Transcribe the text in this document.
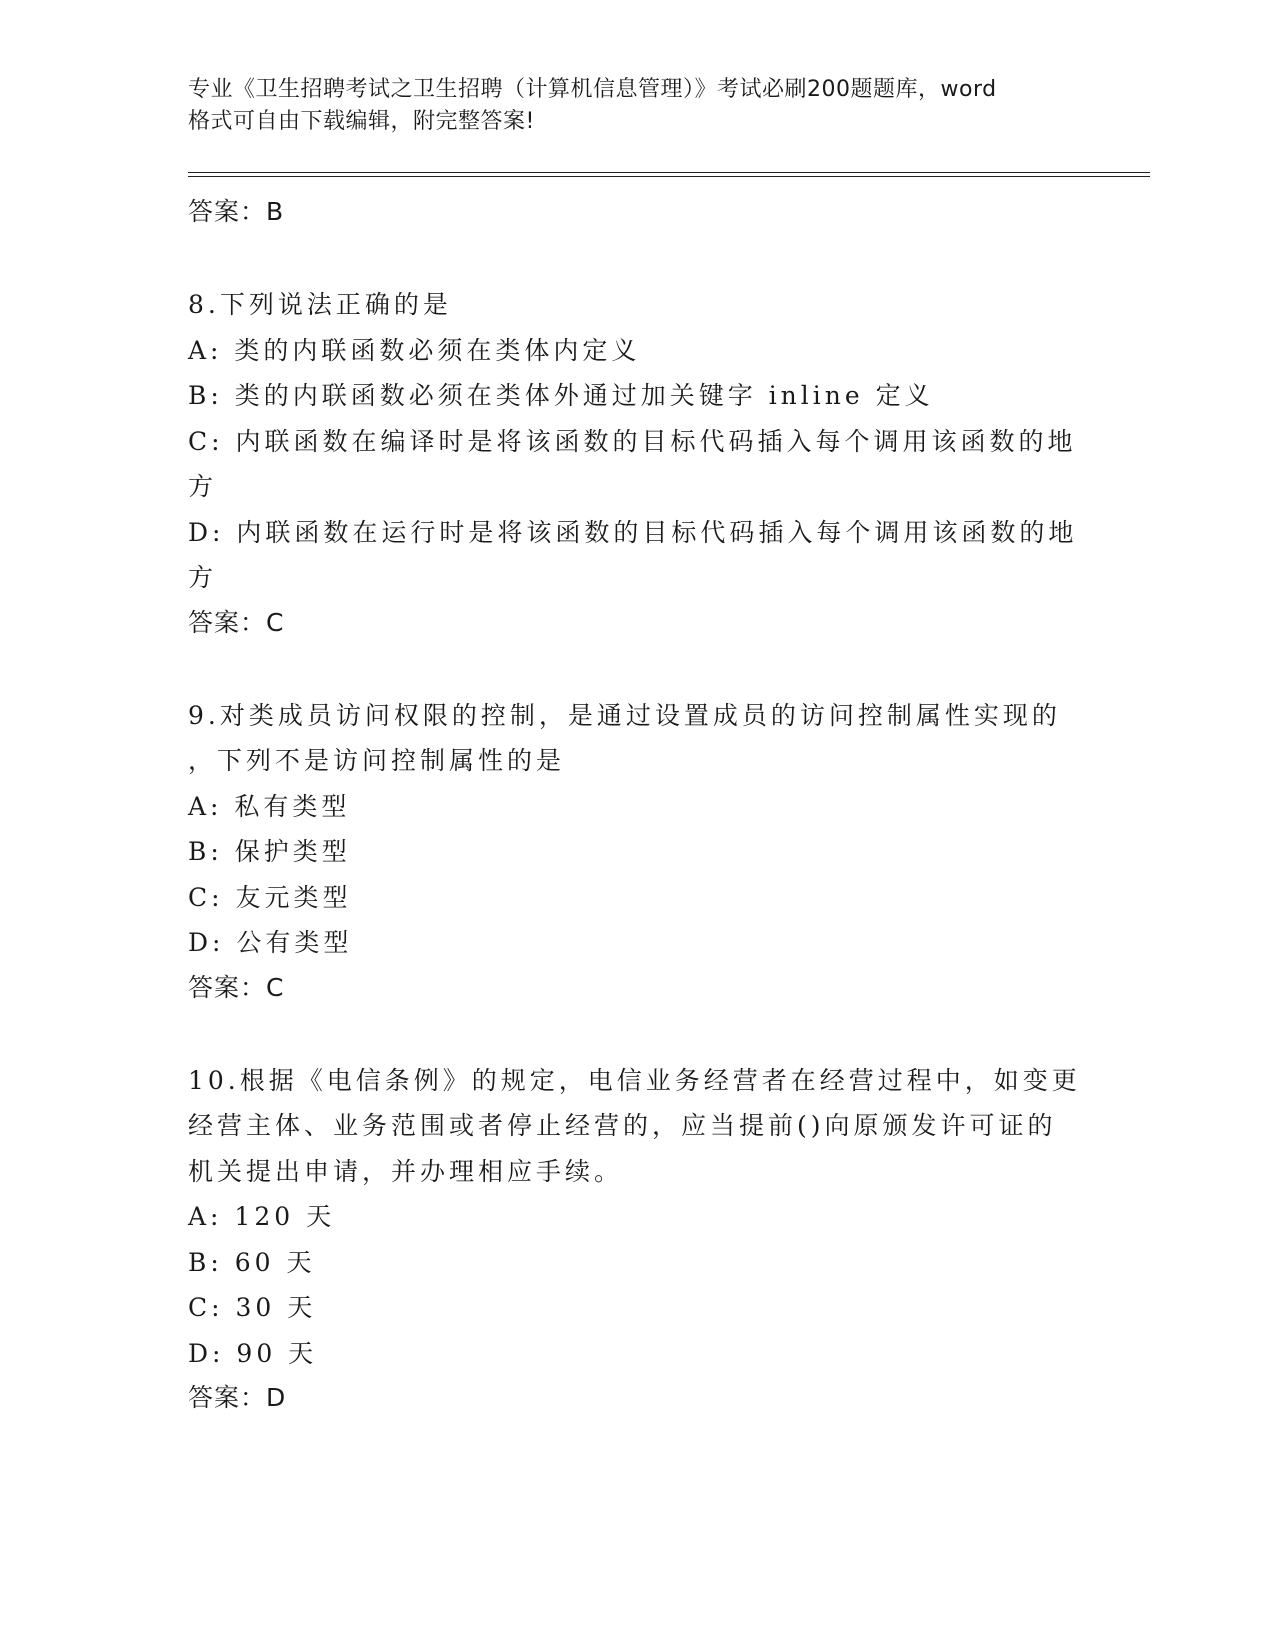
专业《卫生招聘考试之卫生招聘（计算机信息管理）》考试必刷200题题库，word
格式可自由下载编辑，附完整答案!
答案：B
8.下列说法正确的是
A: 类的内联函数必须在类体内定义
B: 类的内联函数必须在类体外通过加关键字 inline 定义
C: 内联函数在编译时是将该函数的目标代码插入每个调用该函数的地
方
D: 内联函数在运行时是将该函数的目标代码插入每个调用该函数的地
方
答案：C
9.对类成员访问权限的控制，是通过设置成员的访问控制属性实现的
，下列不是访问控制属性的是
A: 私有类型
B: 保护类型
C: 友元类型
D: 公有类型
答案：C
10.根据《电信条例》的规定，电信业务经营者在经营过程中，如变更
经营主体、业务范围或者停止经营的，应当提前()向原颁发许可证的
机关提出申请，并办理相应手续。
A: 120 天
B: 60 天
C: 30 天
D: 90 天
答案：D
